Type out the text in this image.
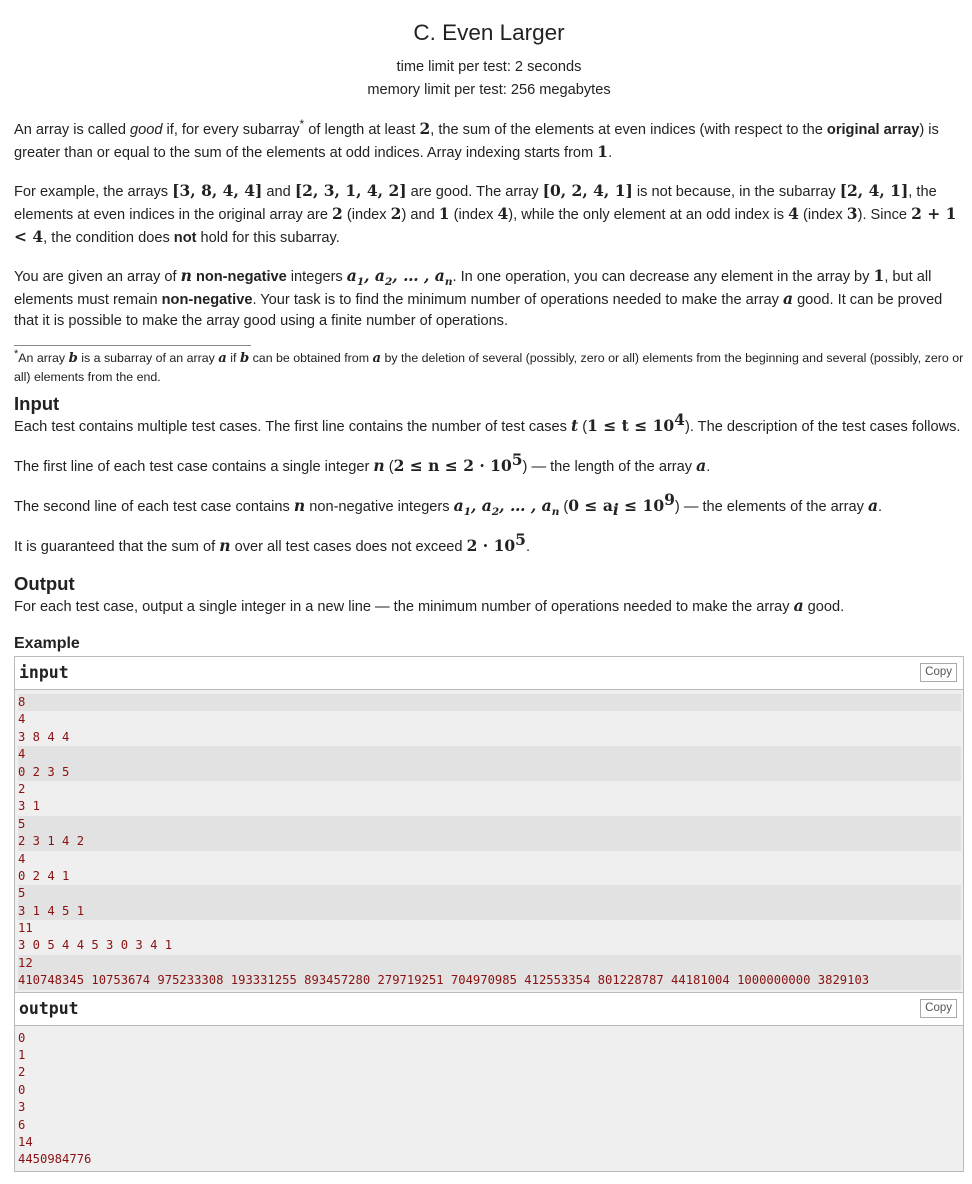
C. Even Larger
time limit per test: 2 seconds
memory limit per test: 256 megabytes

An array is called good if, for every subarray* of length at least 2, the sum of the elements at even indices (with respect to the original array) is greater than or equal to the sum of the elements at odd indices. Array indexing starts from 1.

For example, the arrays [3, 8, 4, 4] and [2, 3, 1, 4, 2] are good. The array [0, 2, 4, 1] is not because, in the subarray [2, 4, 1], the elements at even indices in the original array are 2 (index 2) and 1 (index 4), while the only element at an odd index is 4 (index 3). Since 2 + 1 < 4, the condition does not hold for this subarray.

You are given an array of n non-negative integers $a_1$, $a_2$, … , $a_n$. In one operation, you can decrease any element in the array by 1, but all elements must remain non-negative. Your task is to find the minimum number of operations needed to make the array a good. It can be proved that it is possible to make the array good using a finite number of operations.

*An array b is a subarray of an array a if b can be obtained from a by the deletion of several (possibly, zero or all) elements from the beginning and several (possibly, zero or all) elements from the end.

Input

Each test contains multiple test cases. The first line contains the number of test cases t $(1 \le t \le 10^4)$. The description of the test cases follows.

The first line of each test case contains a single integer n $(2 \le n \le 2 \cdot 10^5)$ — the length of the array a.

The second line of each test case contains n non-negative integers $a_1$, $a_2$, … , $a_n$ $(0 \le a_i \le 10^9)$ — the elements of the array a.

It is guaranteed that the sum of n over all test cases does not exceed $2 \cdot 10^5$.

Output

For each test case, output a single integer in a new line — the minimum number of operations needed to make the array a good.

Example
input	Copy
8
4
3 8 4 4
4
0 2 3 5
2
3 1
5
2 3 1 4 2
4
0 2 4 1
5
3 1 4 5 1
11
3 0 5 4 4 5 3 0 3 4 1
12
410748345 10753674 975233308 193331255 893457280 279719251 704970985 412553354 801228787 44181004 1000000000 3829103
output	Copy
0
1
2
0
3
6
14
4450984776
